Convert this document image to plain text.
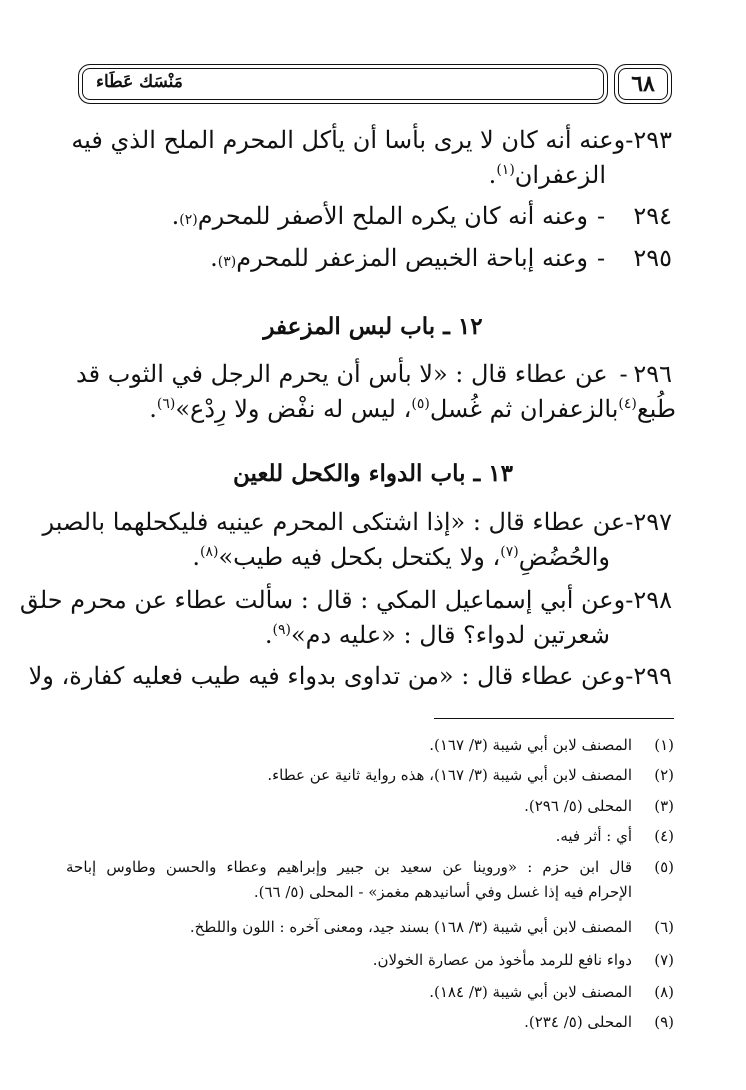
مَنْسَك عَطَاء	٦٨
٢٩٣
-
وعنه أنه كان لا يرى بأسا أن يأكل المحرم الملح الذي فيه
الزعفران$^{(١)}$.
٢٩٤
-
وعنه أنه كان يكره الملح الأصفر للمحرم
(٢)
.
٢٩٥
-
وعنه إباحة الخبيص المزعفر للمحرم
(٣)
.
١٢ ـ باب لبس المزعفر
٢٩٦
-
عن عطاء قال : «لا بأس أن يحرم الرجل في الثوب قد
طُبع$^{(٤)}$بالزعفران ثم غُسل$^{(٥)}$، ليس له نفْض ولا رِدْع»$^{(٦)}$.
١٣ ـ باب الدواء والكحل للعين
٢٩٧
-
عن عطاء قال : «إذا اشتكى المحرم عينيه فليكحلهما بالصبر
والحُضُضِ$^{(٧)}$، ولا يكتحل بكحل فيه طيب»$^{(٨)}$.
٢٩٨
-
وعن أبي إسماعيل المكي : قال : سألت عطاء عن محرم حلق
شعرتين لدواء؟ قال : «عليه دم»$^{(٩)}$.
٢٩٩
-
وعن عطاء قال : «من تداوى بدواء فيه طيب فعليه كفارة، ولا
(١)
المصنف لابن أبي شيبة (٣/ ١٦٧).
(٢)
المصنف لابن أبي شيبة (٣/ ١٦٧)، هذه رواية ثانية عن عطاء.
(٣)
المحلى (٥/ ٢٩٦).
(٤)
أي : أثر فيه.
(٥)
قال ابن حزم : «وروينا عن سعيد بن جبير وإبراهيم وعطاء والحسن وطاوس إباحة
الإحرام فيه إذا غسل وفي أسانيدهم مغمز» - المحلى (٥/ ٦٦).
(٦)
المصنف لابن أبي شيبة (٣/ ١٦٨) بسند جيد، ومعنى آخره : اللون واللطخ.
(٧)
دواء نافع للرمد مأخوذ من عصارة الخولان.
(٨)
المصنف لابن أبي شيبة (٣/ ١٨٤).
(٩)
المحلى (٥/ ٢٣٤).
